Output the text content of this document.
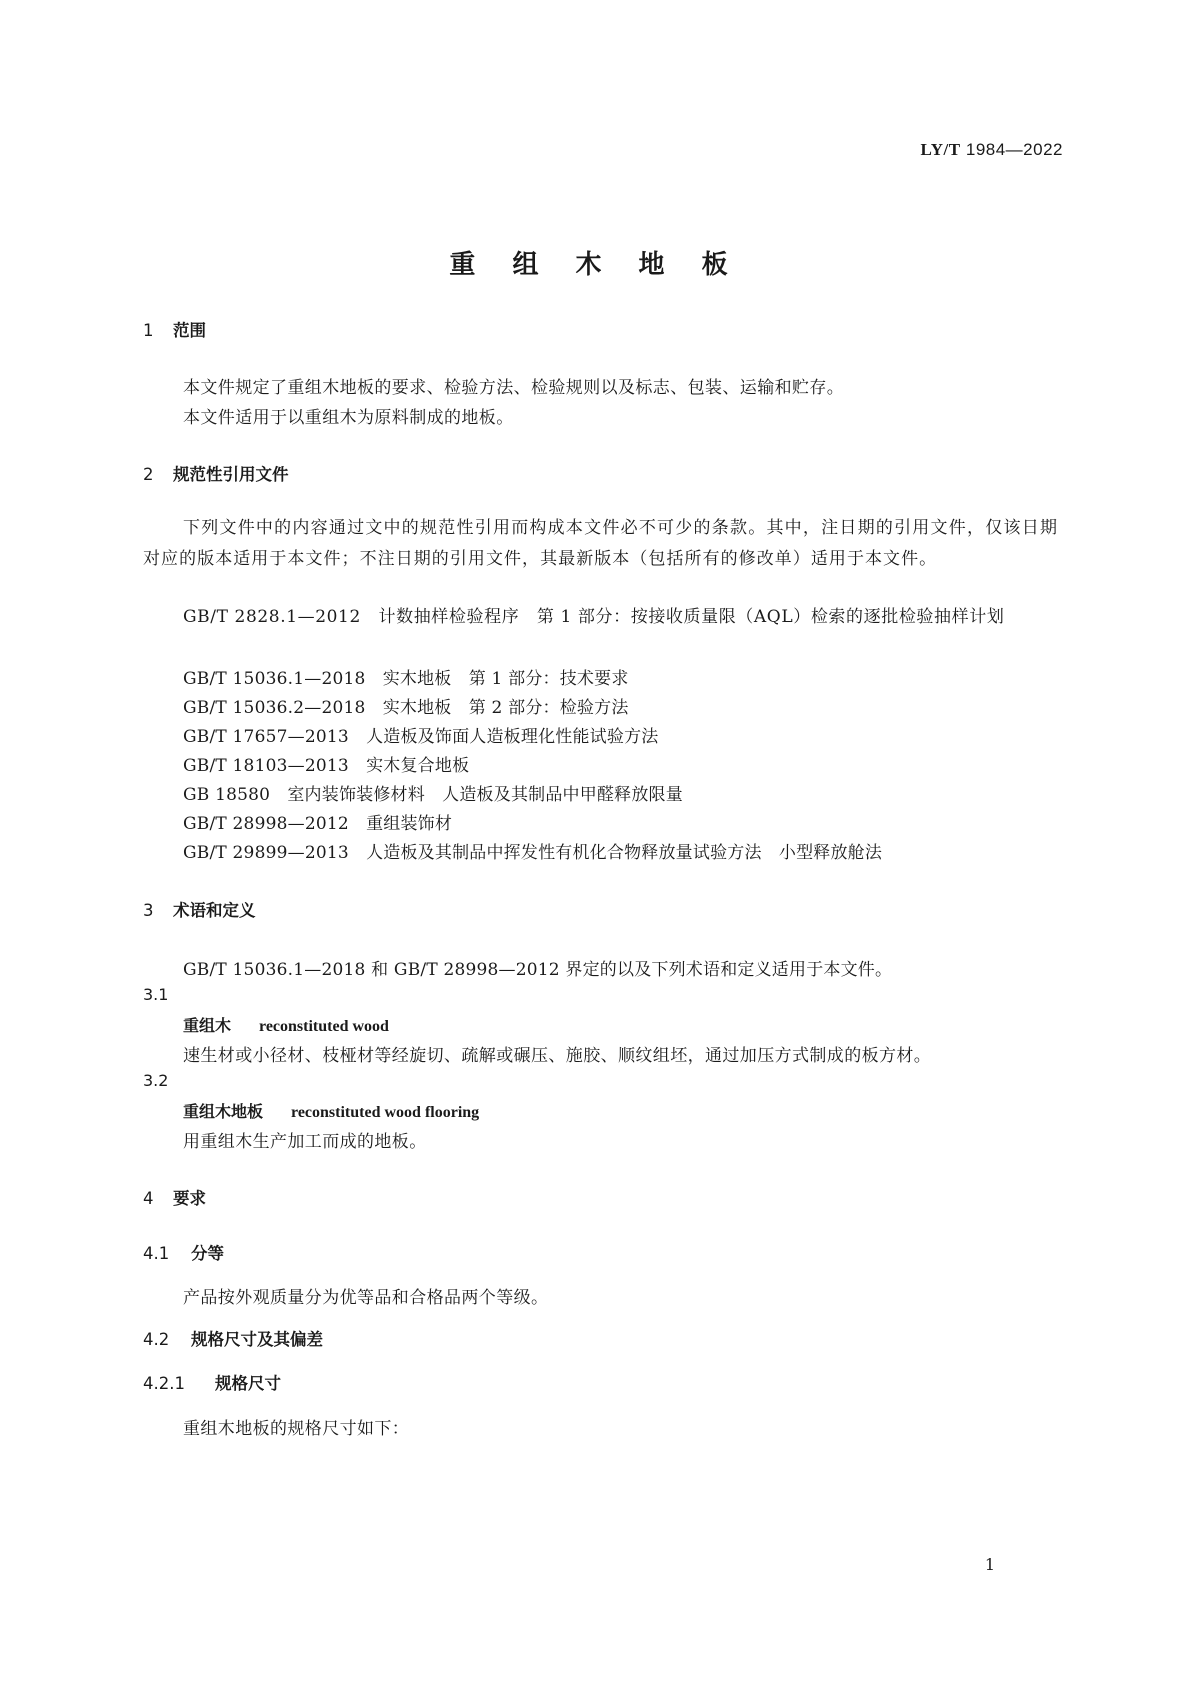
LY/T 1984—2022
重 组 木 地 板
1 范围
本文件规定了重组木地板的要求、检验方法、检验规则以及标志、包装、运输和贮存。
本文件适用于以重组木为原料制成的地板。
2 规范性引用文件
下列文件中的内容通过文中的规范性引用而构成本文件必不可少的条款。其中，注日期的引用文件，仅该日期对应的版本适用于本文件；不注日期的引用文件，其最新版本（包括所有的修改单）适用于本文件。
GB/T 2828.1—2012　计数抽样检验程序　第 1 部分：按接收质量限（AQL）检索的逐批检验抽样计划
GB/T 15036.1—2018　实木地板　第 1 部分：技术要求
GB/T 15036.2—2018　实木地板　第 2 部分：检验方法
GB/T 17657—2013　人造板及饰面人造板理化性能试验方法
GB/T 18103—2013　实木复合地板
GB 18580　室内装饰装修材料　人造板及其制品中甲醛释放限量
GB/T 28998—2012　重组装饰材
GB/T 29899—2013　人造板及其制品中挥发性有机化合物释放量试验方法　小型释放舱法
3 术语和定义
GB/T 15036.1—2018 和 GB/T 28998—2012 界定的以及下列术语和定义适用于本文件。
3.1
重组木 reconstituted wood
速生材或小径材、枝桠材等经旋切、疏解或碾压、施胶、顺纹组坯，通过加压方式制成的板方材。
3.2
重组木地板 reconstituted wood flooring
用重组木生产加工而成的地板。
4 要求
4.1 分等
产品按外观质量分为优等品和合格品两个等级。
4.2 规格尺寸及其偏差
4.2.1 规格尺寸
重组木地板的规格尺寸如下：
1
